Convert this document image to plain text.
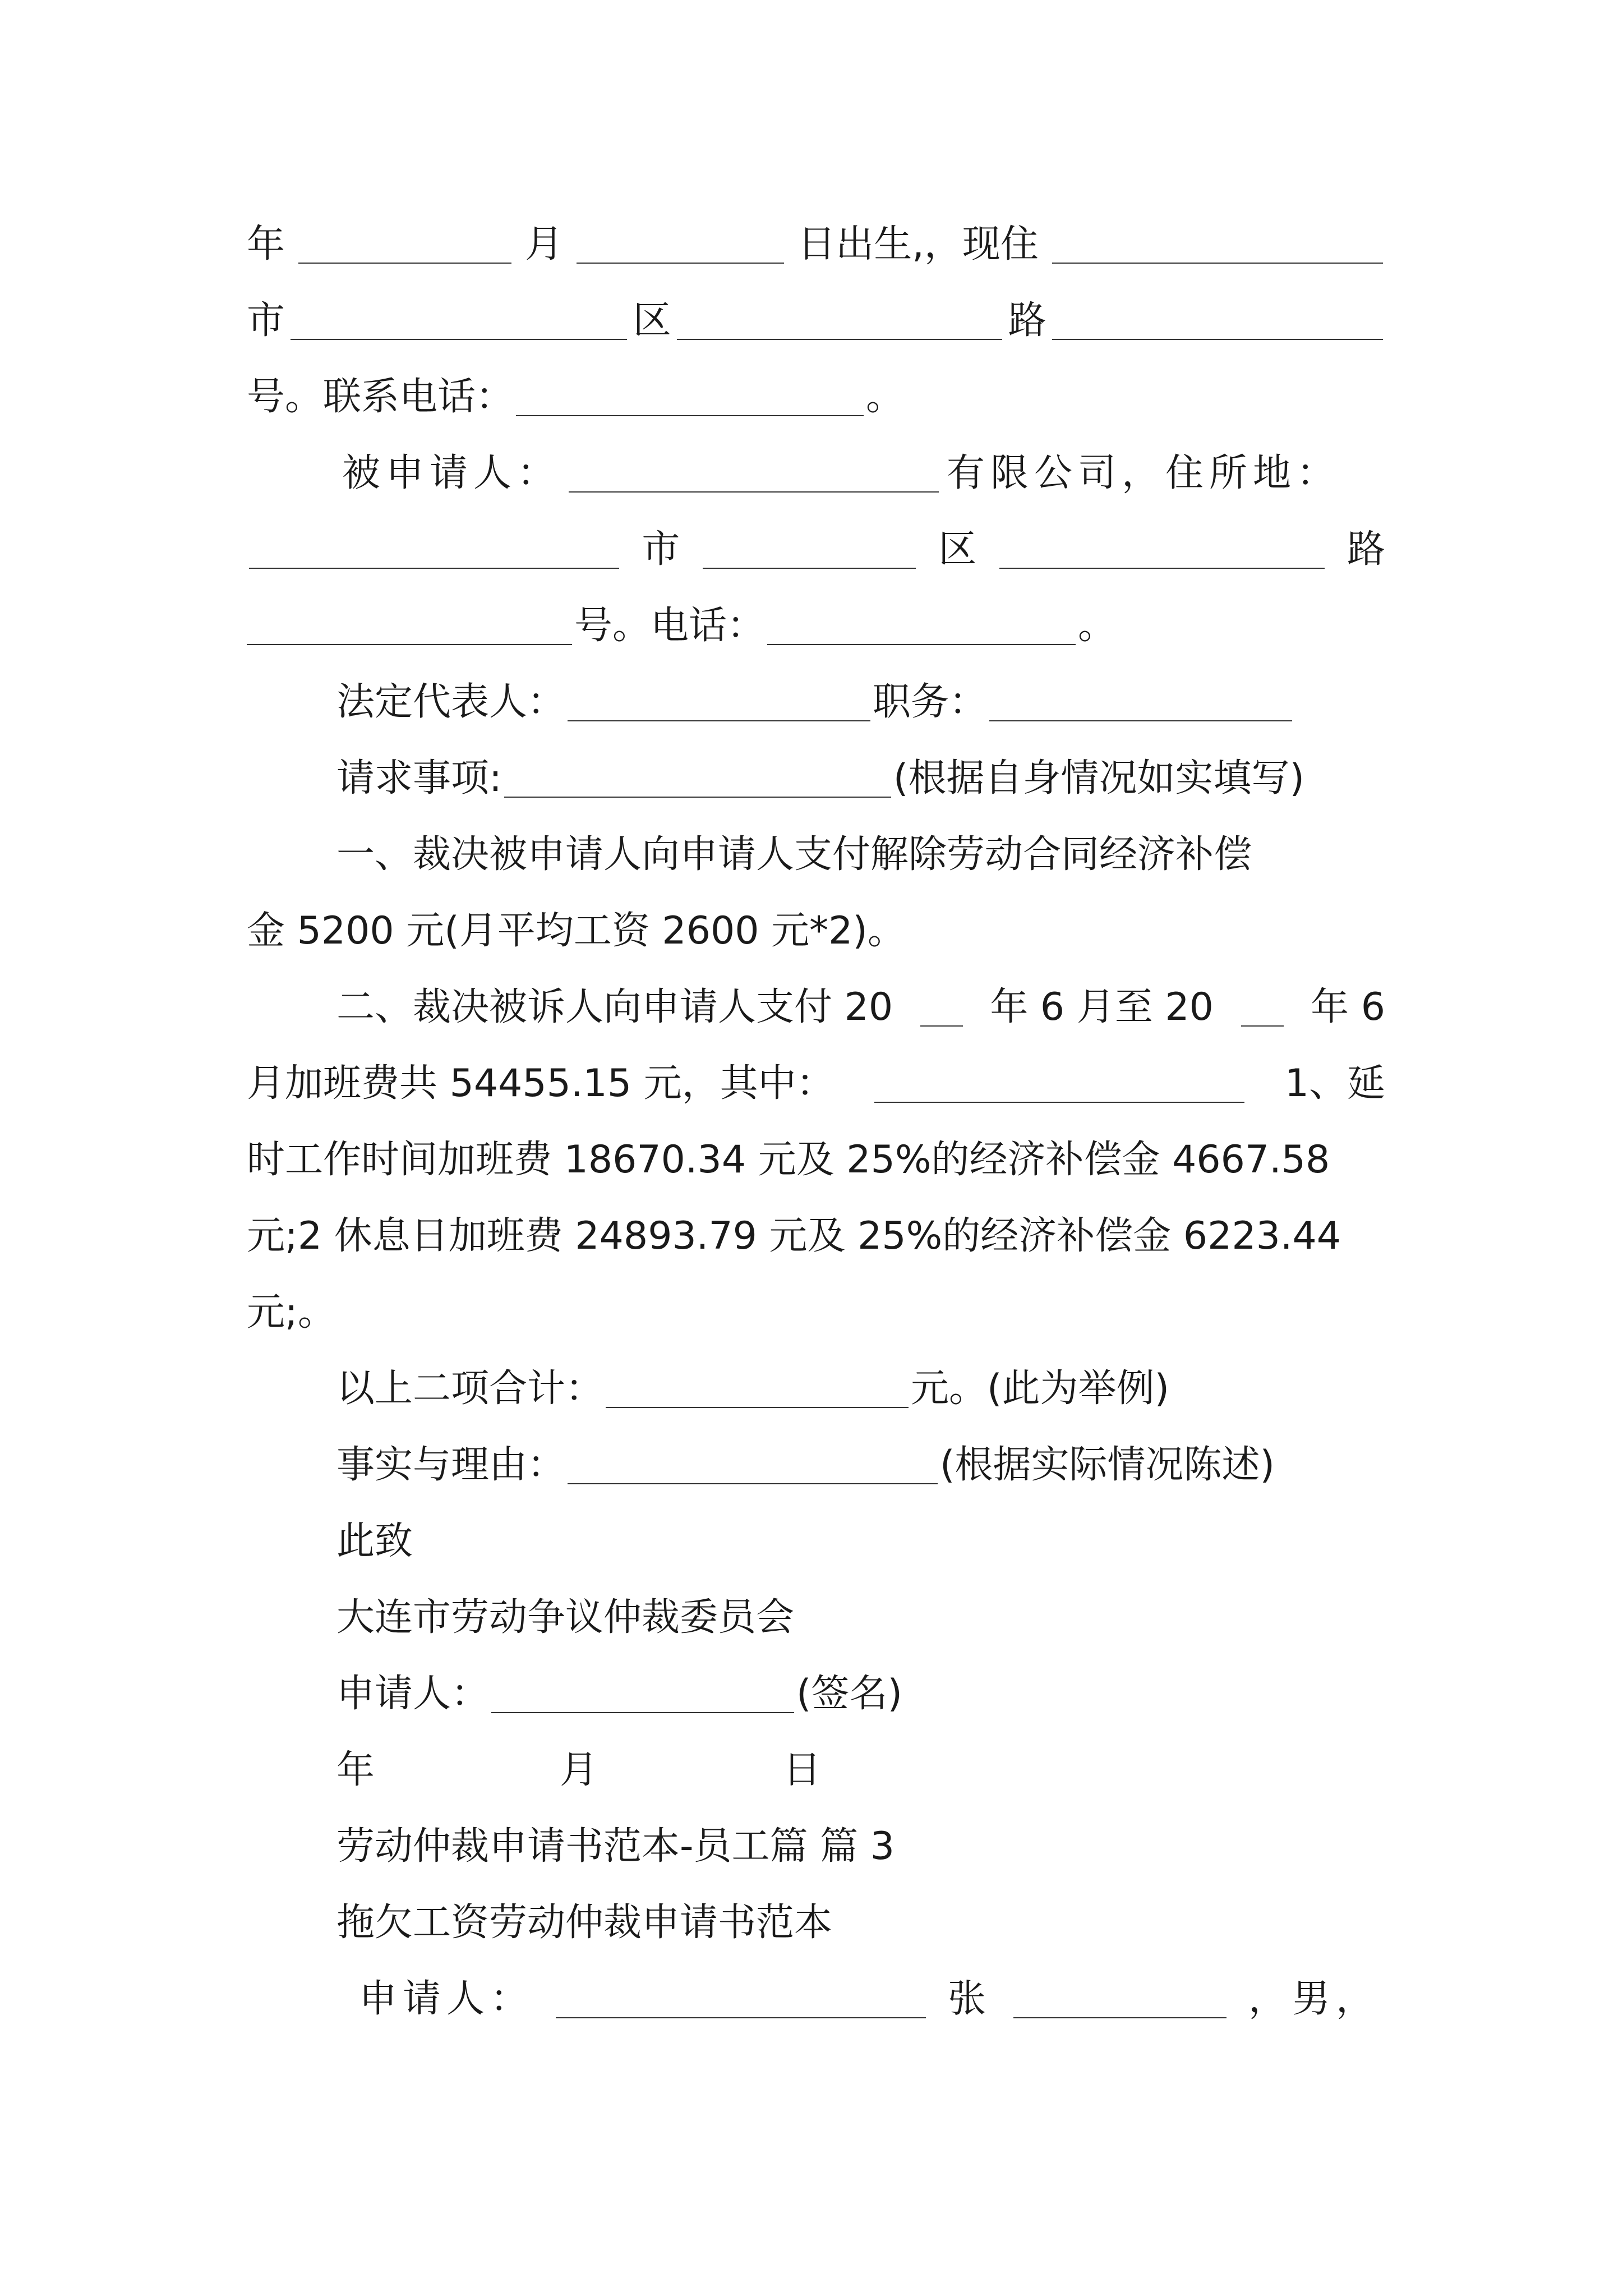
年	月	日出生,，现住
市	区	路
号。联系电话：	。
被申请人：	有限公司，住所地：
市	区	路
号。电话：	。
法定代表人：	职务：
请求事项:	(根据自身情况如实填写)
一、裁决被申请人向申请人支付解除劳动合同经济补偿
金 5200 元(月平均工资 2600 元*2)。
二、裁决被诉人向申请人支付 20	年 6 月至 20	年 6
月加班费共 54455.15 元，其中：	1、延
时工作时间加班费 18670.34 元及 25%的经济补偿金 4667.58
元;2 休息日加班费 24893.79 元及 25%的经济补偿金 6223.44
元;。
以上二项合计：	元。(此为举例)
事实与理由：	(根据实际情况陈述)
此致
大连市劳动争议仲裁委员会
申请人：	(签名)
年	月	日
劳动仲裁申请书范本-员工篇 篇 3
拖欠工资劳动仲裁申请书范本
申请人：	张	，男，
